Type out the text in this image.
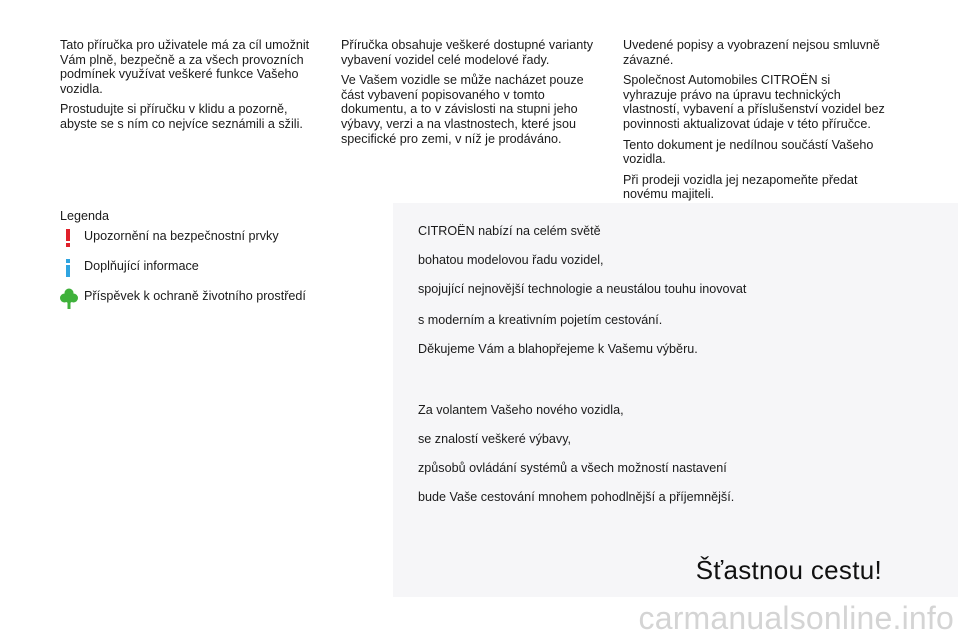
Tato příručka pro uživatele má za cíl umožnit Vám plně, bezpečně a za všech provozních podmínek využívat veškeré funkce Vašeho vozidla.

Prostudujte si příručku v klidu a pozorně, abyste se s ním co nejvíce seznámili a sžili.

Příručka obsahuje veškeré dostupné varianty vybavení vozidel celé modelové řady.

Ve Vašem vozidle se může nacházet pouze část vybavení popisovaného v tomto dokumentu, a to v závislosti na stupni jeho výbavy, verzi a na vlastnostech, které jsou specifické pro zemi, v níž je prodáváno.

Uvedené popisy a vyobrazení nejsou smluvně závazné.

Společnost Automobiles CITROËN si vyhrazuje právo na úpravu technických vlastností, vybavení a příslušenství vozidel bez povinnosti aktualizovat údaje v této příručce.

Tento dokument je nedílnou součástí Vašeho vozidla.

Při prodeji vozidla jej nezapomeňte předat novému majiteli.

Legenda
Upozornění na bezpečnostní prvky
Doplňující informace
Příspěvek k ochraně životního prostředí
CITROËN nabízí na celém světě
bohatou modelovou řadu vozidel,
spojující nejnovější technologie a neustálou touhu inovovat
s moderním a kreativním pojetím cestování.
Děkujeme Vám a blahopřejeme k Vašemu výběru.
Za volantem Vašeho nového vozidla,
se znalostí veškeré výbavy,
způsobů ovládání systémů a všech možností nastavení
bude Vaše cestování mnohem pohodlnější a příjemnější.
Šťastnou cestu!
carmanualsonline.info
